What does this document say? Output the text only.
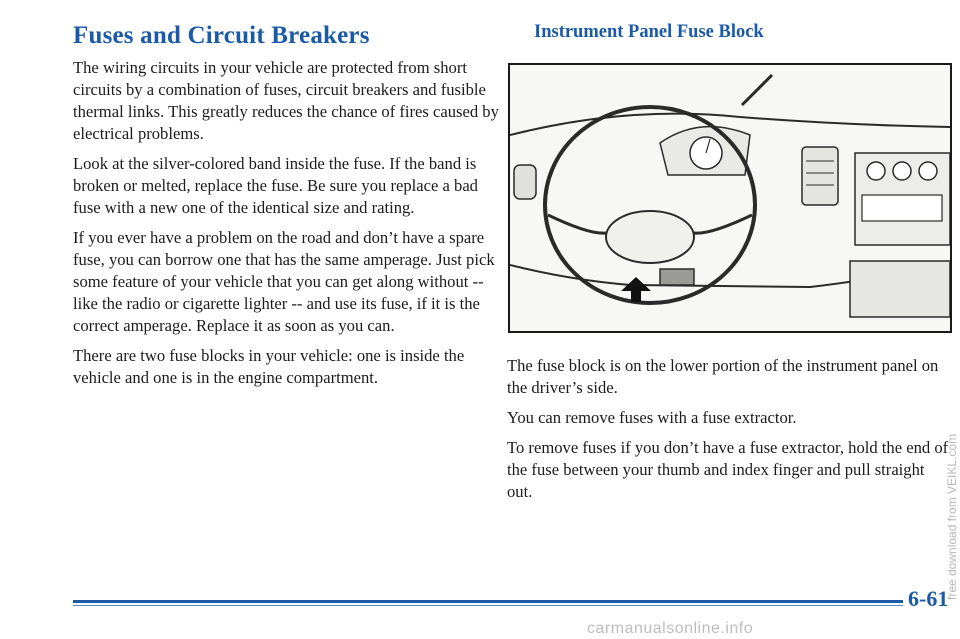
Fuses and Circuit Breakers	Instrument Panel Fuse Block

The wiring circuits in your vehicle are protected from short circuits by a combination of fuses, circuit breakers and fusible thermal links. This greatly reduces the chance of fires caused by electrical problems.

Look at the silver-colored band inside the fuse. If the band is broken or melted, replace the fuse. Be sure you replace a bad fuse with a new one of the identical size and rating.

If you ever have a problem on the road and don’t have a spare fuse, you can borrow one that has the same amperage. Just pick some feature of your vehicle that you can get along without -- like the radio or cigarette lighter -- and use its fuse, if it is the correct amperage. Replace it as soon as you can.

There are two fuse blocks in your vehicle: one is inside the vehicle and one is in the engine compartment.

The fuse block is on the lower portion of the instrument panel on the driver’s side.

You can remove fuses with a fuse extractor.

To remove fuses if you don’t have a fuse extractor, hold the end of the fuse between your thumb and index finger and pull straight out.

6-61

free download from VEIKL.com

carmanualsonline.info
